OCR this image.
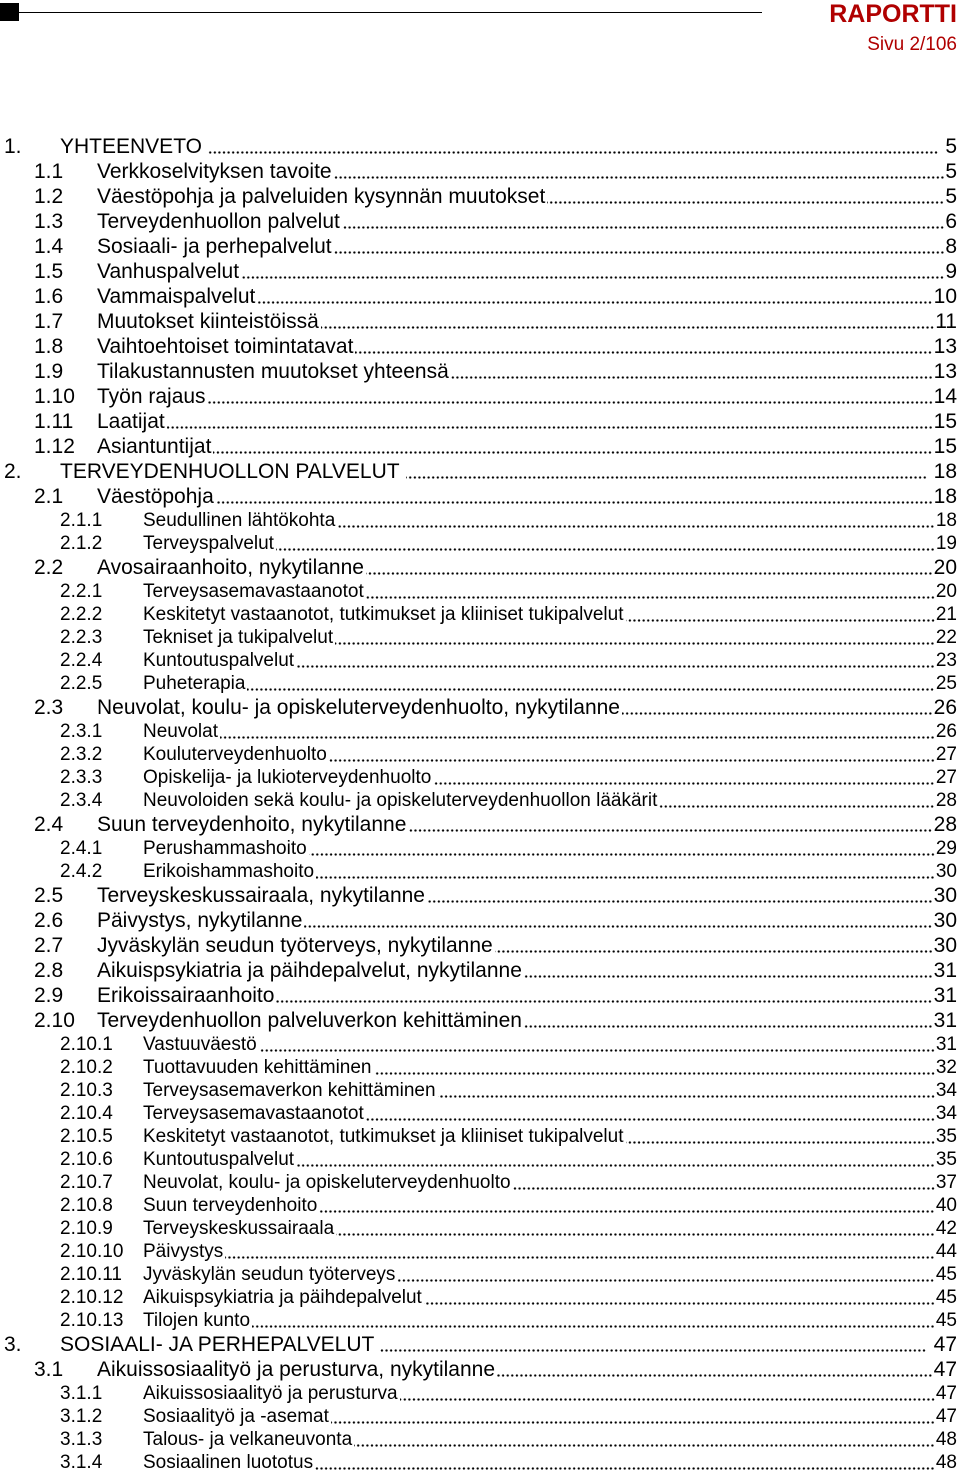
RAPORTTI
Sivu 2/106
1. YHTEENVETO	5
1.1 Verkkoselvityksen tavoite	5
1.2 Väestöpohja ja palveluiden kysynnän muutokset	5
1.3 Terveydenhuollon palvelut	6
1.4 Sosiaali- ja perhepalvelut	8
1.5 Vanhuspalvelut	9
1.6 Vammaispalvelut	10
1.7 Muutokset kiinteistöissä	11
1.8 Vaihtoehtoiset toimintatavat	13
1.9 Tilakustannusten muutokset yhteensä	13
1.10 Työn rajaus	14
1.11 Laatijat	15
1.12 Asiantuntijat	15
2. TERVEYDENHUOLLON PALVELUT	18
2.1 Väestöpohja	18
2.1.1 Seudullinen lähtökohta	18
2.1.2 Terveyspalvelut	19
2.2 Avosairaanhoito, nykytilanne	20
2.2.1 Terveysasemavastaanotot	20
2.2.2 Keskitetyt vastaanotot, tutkimukset ja kliiniset tukipalvelut	21
2.2.3 Tekniset ja tukipalvelut	22
2.2.4 Kuntoutuspalvelut	23
2.2.5 Puheterapia	25
2.3 Neuvolat, koulu- ja opiskeluterveydenhuolto, nykytilanne	26
2.3.1 Neuvolat	26
2.3.2 Kouluterveydenhuolto	27
2.3.3 Opiskelija- ja lukioterveydenhuolto	27
2.3.4 Neuvoloiden sekä koulu- ja opiskeluterveydenhuollon lääkärit	28
2.4 Suun terveydenhoito, nykytilanne	28
2.4.1 Perushammashoito	29
2.4.2 Erikoishammashoito	30
2.5 Terveyskeskussairaala, nykytilanne	30
2.6 Päivystys, nykytilanne	30
2.7 Jyväskylän seudun työterveys, nykytilanne	30
2.8 Aikuispsykiatria ja päihdepalvelut, nykytilanne	31
2.9 Erikoissairaanhoito	31
2.10 Terveydenhuollon palveluverkon kehittäminen	31
2.10.1 Vastuuväestö	31
2.10.2 Tuottavuuden kehittäminen	32
2.10.3 Terveysasemaverkon kehittäminen	34
2.10.4 Terveysasemavastaanotot	34
2.10.5 Keskitetyt vastaanotot, tutkimukset ja kliiniset tukipalvelut	35
2.10.6 Kuntoutuspalvelut	35
2.10.7 Neuvolat, koulu- ja opiskeluterveydenhuolto	37
2.10.8 Suun terveydenhoito	40
2.10.9 Terveyskeskussairaala	42
2.10.10 Päivystys	44
2.10.11 Jyväskylän seudun työterveys	45
2.10.12 Aikuispsykiatria ja päihdepalvelut	45
2.10.13 Tilojen kunto	45
3. SOSIAALI- JA PERHEPALVELUT	47
3.1 Aikuissosiaalityö ja perusturva, nykytilanne	47
3.1.1 Aikuissosiaalityö ja perusturva	47
3.1.2 Sosiaalityö ja -asemat	47
3.1.3 Talous- ja velkaneuvonta	48
3.1.4 Sosiaalinen luototus	48
